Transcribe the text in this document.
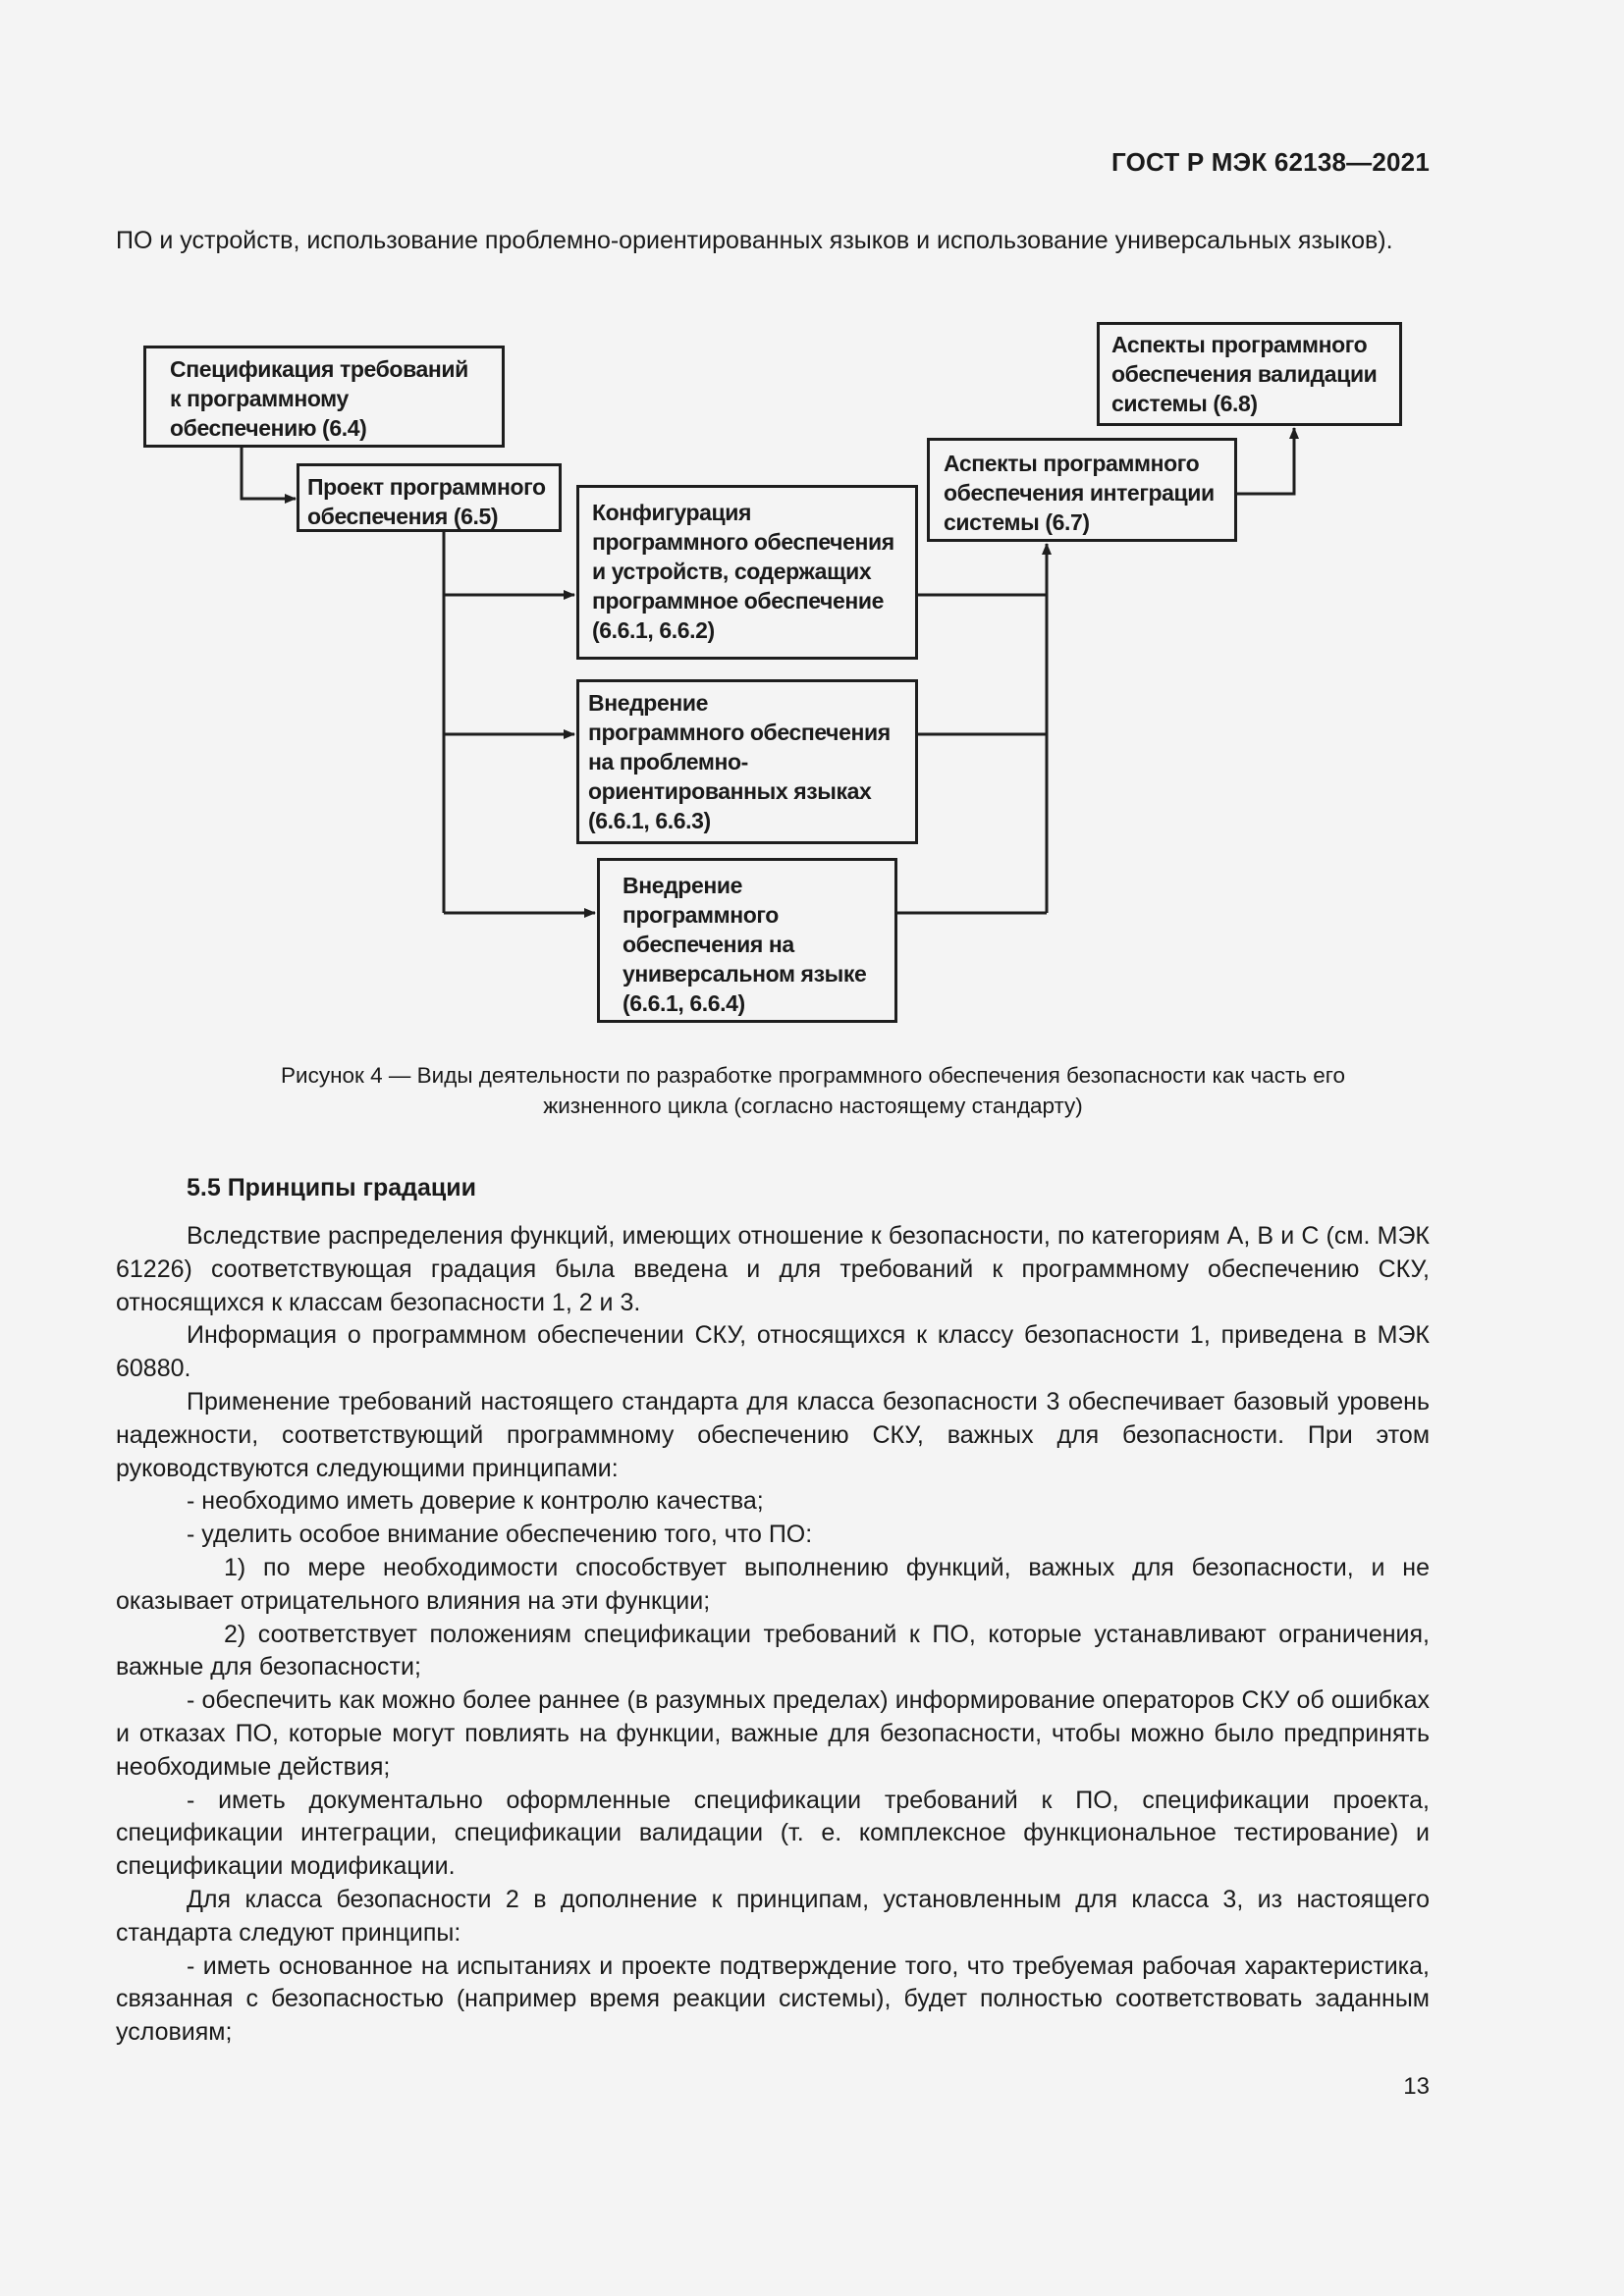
ГОСТ Р МЭК 62138—2021
ПО и устройств, использование проблемно-ориентированных языков и использование универсальных языков).
Спецификация требований
к программному
обеспечению (6.4)
Проект программного
обеспечения (6.5)	Конфигурация
программного обеспечения
и устройств, содержащих
программное обеспечение
(6.6.1, 6.6.2)
Внедрение
программного обеспечения
на проблемно-
ориентированных языках
(6.6.1, 6.6.3)
Внедрение
программного
обеспечения на
универсальном языке
(6.6.1, 6.6.4)
Аспекты программного
обеспечения интеграции
системы (6.7)
Аспекты программного
обеспечения валидации
системы (6.8)
Рисунок 4 — Виды деятельности по разработке программного обеспечения безопасности как часть его
жизненного цикла (согласно настоящему стандарту)
5.5 Принципы градации

Вследствие распределения функций, имеющих отношение к безопасности, по категориям A, B и C (см. МЭК 61226) соответствующая градация была введена и для требований к программному обеспечению СКУ, относящихся к классам безопасности 1, 2 и 3.

Информация о программном обеспечении СКУ, относящихся к классу безопасности 1, приведена в МЭК 60880.

Применение требований настоящего стандарта для класса безопасности 3 обеспечивает базовый уровень надежности, соответствующий программному обеспечению СКУ, важных для безопасности. При этом руководствуются следующими принципами:

- необходимо иметь доверие к контролю качества;

- уделить особое внимание обеспечению того, что ПО:

1) по мере необходимости способствует выполнению функций, важных для безопасности, и не оказывает отрицательного влияния на эти функции;

2) соответствует положениям спецификации требований к ПО, которые устанавливают ограничения, важные для безопасности;

- обеспечить как можно более раннее (в разумных пределах) информирование операторов СКУ об ошибках и отказах ПО, которые могут повлиять на функции, важные для безопасности, чтобы можно было предпринять необходимые действия;

- иметь документально оформленные спецификации требований к ПО, спецификации проекта, спецификации интеграции, спецификации валидации (т. е. комплексное функциональное тестирование) и спецификации модификации.

Для класса безопасности 2 в дополнение к принципам, установленным для класса 3, из настоящего стандарта следуют принципы:

- иметь основанное на испытаниях и проекте подтверждение того, что требуемая рабочая характеристика, связанная с безопасностью (например время реакции системы), будет полностью соответствовать заданным условиям;

13
